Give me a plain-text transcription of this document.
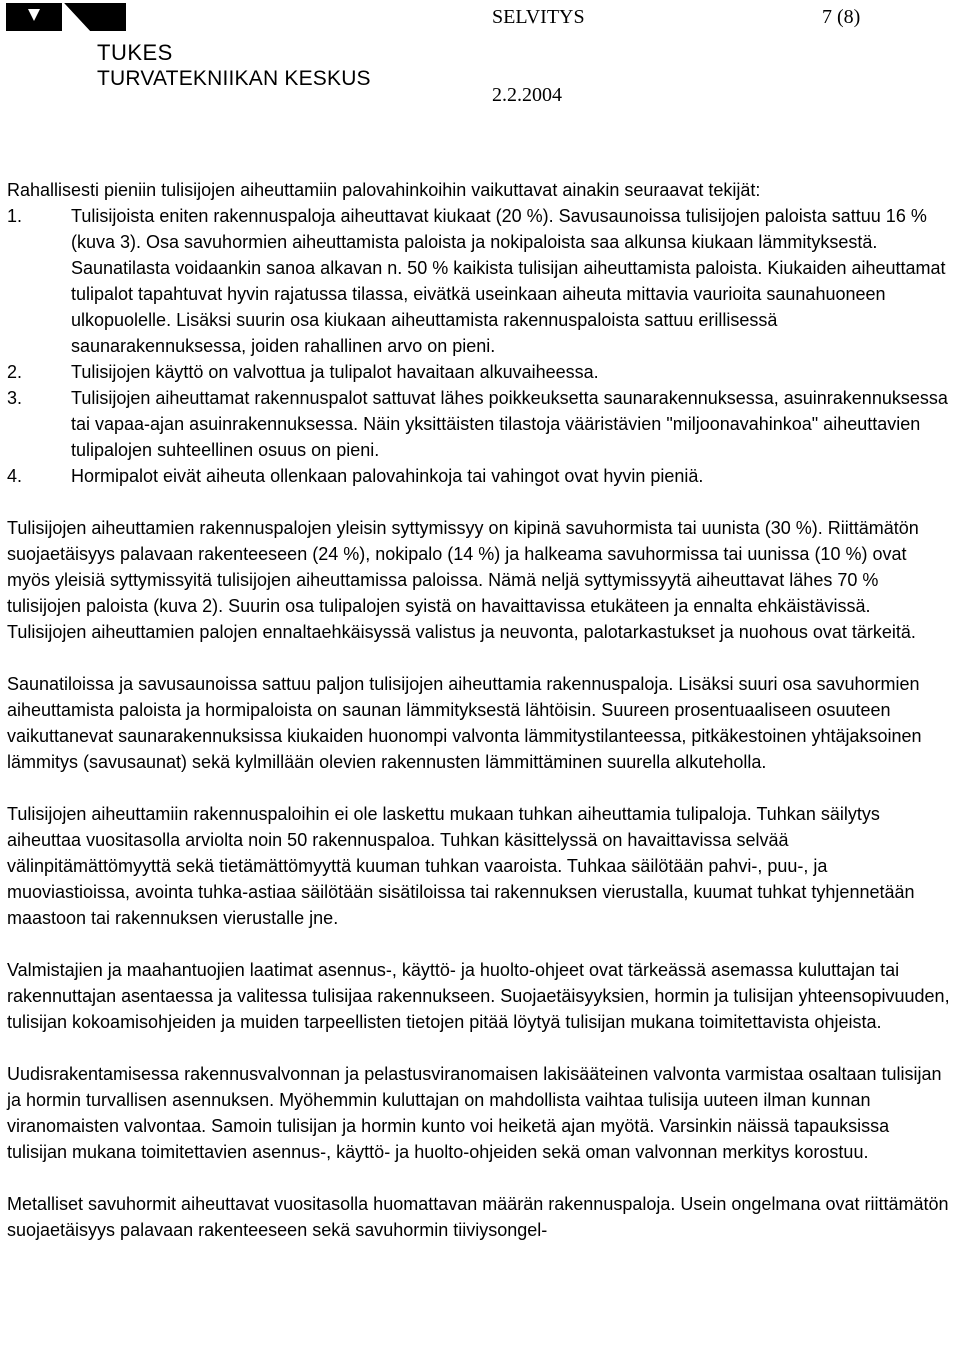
TUKES
TURVATEKNIIKAN KESKUS
SELVITYS	7 (8)
2.2.2004

Rahallisesti pieniin tulisijojen aiheuttamiin palovahinkoihin vaikuttavat ainakin seuraavat tekijät:

1.	Tulisijoista eniten rakennuspaloja aiheuttavat kiukaat (20 %). Savusaunoissa tulisijojen paloista sattuu 16 % (kuva 3). Osa savuhormien aiheuttamista paloista ja nokipaloista saa alkunsa kiukaan lämmityksestä. Saunatilasta voidaankin sanoa alkavan n. 50 % kaikista tulisijan aiheuttamista paloista. Kiukaiden aiheuttamat tulipalot tapahtuvat hyvin rajatussa tilassa, eivätkä useinkaan aiheuta mittavia vaurioita saunahuoneen ulkopuolelle. Lisäksi suurin osa kiukaan aiheuttamista rakennuspaloista sattuu erillisessä saunarakennuksessa, joiden rahallinen arvo on pieni.
2.	Tulisijojen käyttö on valvottua ja tulipalot havaitaan alkuvaiheessa.
3.	Tulisijojen aiheuttamat rakennuspalot sattuvat lähes poikkeuksetta saunarakennuksessa, asuinrakennuksessa tai vapaa-ajan asuinrakennuksessa. Näin yksittäisten tilastoja vääristävien "miljoonavahinkoa" aiheuttavien tulipalojen suhteellinen osuus on pieni.
4.	Hormipalot eivät aiheuta ollenkaan palovahinkoja tai vahingot ovat hyvin pieniä.

Tulisijojen aiheuttamien rakennuspalojen yleisin syttymissyy on kipinä savuhormista tai uunista (30 %). Riittämätön suojaetäisyys palavaan rakenteeseen (24 %), nokipalo (14 %) ja halkeama savuhormissa tai uunissa (10 %) ovat myös yleisiä syttymissyitä tulisijojen aiheuttamissa paloissa. Nämä neljä syttymissyytä aiheuttavat lähes 70 % tulisijojen paloista (kuva 2). Suurin osa tulipalojen syistä on havaittavissa etukäteen ja ennalta ehkäistävissä. Tulisijojen aiheuttamien palojen ennaltaehkäisyssä valistus ja neuvonta, palotarkastukset ja nuohous ovat tärkeitä.

Saunatiloissa ja savusaunoissa sattuu paljon tulisijojen aiheuttamia rakennuspaloja. Lisäksi suuri osa savuhormien aiheuttamista paloista ja hormipaloista on saunan lämmityksestä lähtöisin. Suureen prosentuaaliseen osuuteen vaikuttanevat saunarakennuksissa kiukaiden huonompi valvonta lämmitystilanteessa, pitkäkestoinen yhtäjaksoinen lämmitys (savusaunat) sekä kylmillään olevien rakennusten lämmittäminen suurella alkuteholla.

Tulisijojen aiheuttamiin rakennuspaloihin ei ole laskettu mukaan tuhkan aiheuttamia tulipaloja. Tuhkan säilytys aiheuttaa vuositasolla arviolta noin 50 rakennuspaloa. Tuhkan käsittelyssä on havaittavissa selvää välinpitämättömyyttä sekä tietämättömyyttä kuuman tuhkan vaaroista. Tuhkaa säilötään pahvi-, puu-, ja muoviastioissa, avointa tuhka-astiaa säilötään sisätiloissa tai rakennuksen vierustalla, kuumat tuhkat tyhjennetään maastoon tai rakennuksen vierustalle jne.

Valmistajien ja maahantuojien laatimat asennus-, käyttö- ja huolto-ohjeet ovat tärkeässä asemassa kuluttajan tai rakennuttajan asentaessa ja valitessa tulisijaa rakennukseen. Suojaetäisyyksien, hormin ja tulisijan yhteensopivuuden, tulisijan kokoamisohjeiden ja muiden tarpeellisten tietojen pitää löytyä tulisijan mukana toimitettavista ohjeista.

Uudisrakentamisessa rakennusvalvonnan ja pelastusviranomaisen lakisääteinen valvonta varmistaa osaltaan tulisijan ja hormin turvallisen asennuksen. Myöhemmin kuluttajan on mahdollista vaihtaa tulisija uuteen ilman kunnan viranomaisten valvontaa. Samoin tulisijan ja hormin kunto voi heiketä ajan myötä. Varsinkin näissä tapauksissa tulisijan mukana toimitettavien asennus-, käyttö- ja huolto-ohjeiden sekä oman valvonnan merkitys korostuu.

Metalliset savuhormit aiheuttavat vuositasolla huomattavan määrän rakennuspaloja. Usein ongelmana ovat riittämätön suojaetäisyys palavaan rakenteeseen sekä savuhormin tiiviysongel-
